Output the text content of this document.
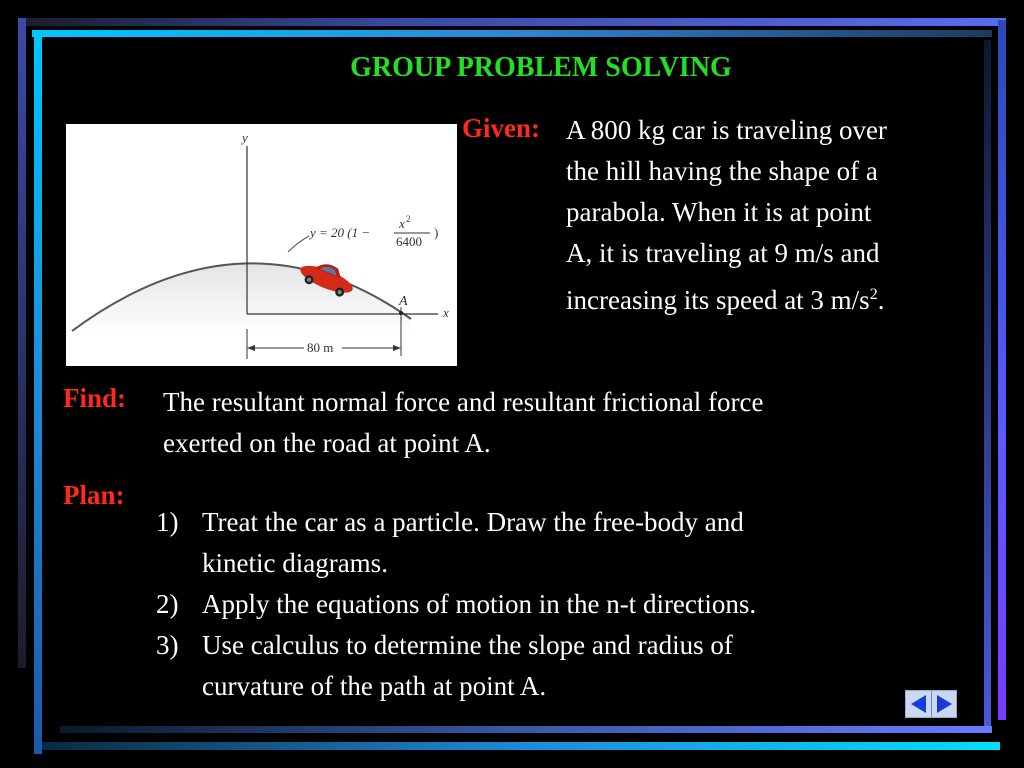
GROUP PROBLEM SOLVING
y
x
A
80 m
y = 20 (1 −
x 2
6400
)
Given: A 800 kg car is traveling over
the hill having the shape of a
parabola. When it is at point
A, it is traveling at 9 m/s and
increasing its speed at 3 $m/s^2$.
Find: The resultant normal force and resultant frictional force
exerted on the road at point A.
Plan:
1) Treat the car as a particle. Draw the free-body and
kinetic diagrams.
2) Apply the equations of motion in the n-t directions.
3) Use calculus to determine the slope and radius of
curvature of the path at point A.
